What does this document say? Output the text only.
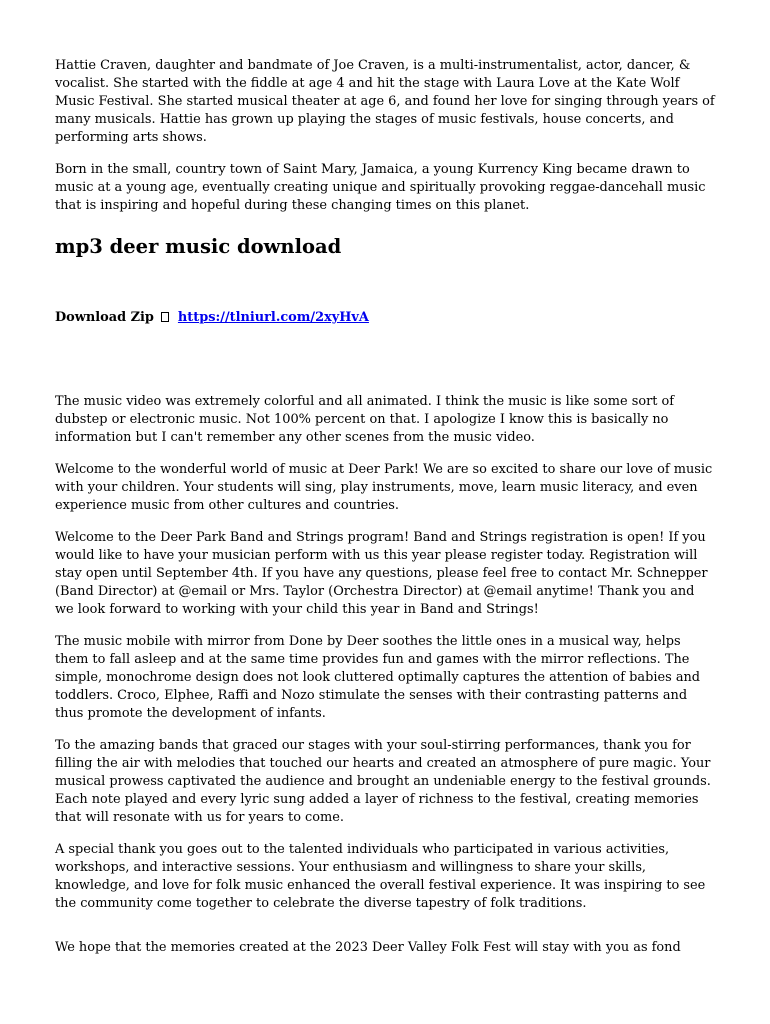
Hattie Craven, daughter and bandmate of Joe Craven, is a multi-instrumentalist, actor, dancer, & vocalist. She started with the fiddle at age 4 and hit the stage with Laura Love at the Kate Wolf Music Festival. She started musical theater at age 6, and found her love for singing through years of many musicals. Hattie has grown up playing the stages of music festivals, house concerts, and performing arts shows.

Born in the small, country town of Saint Mary, Jamaica, a young Kurrency King became drawn to music at a young age, eventually creating unique and spiritually provoking reggae-dancehall music that is inspiring and hopeful during these changing times on this planet.

mp3 deer music download
Download Zip https://tlniurl.com/2xyHvA

The music video was extremely colorful and all animated. I think the music is like some sort of dubstep or electronic music. Not 100% percent on that. I apologize I know this is basically no information but I can't remember any other scenes from the music video.

Welcome to the wonderful world of music at Deer Park! We are so excited to share our love of music with your children. Your students will sing, play instruments, move, learn music literacy, and even experience music from other cultures and countries.

Welcome to the Deer Park Band and Strings program! Band and Strings registration is open! If you would like to have your musician perform with us this year please register today. Registration will stay open until September 4th. If you have any questions, please feel free to contact Mr. Schnepper (Band Director) at @email or Mrs. Taylor (Orchestra Director) at @email anytime! Thank you and we look forward to working with your child this year in Band and Strings!

The music mobile with mirror from Done by Deer soothes the little ones in a musical way, helps them to fall asleep and at the same time provides fun and games with the mirror reflections. The simple, monochrome design does not look cluttered optimally captures the attention of babies and toddlers. Croco, Elphee, Raffi and Nozo stimulate the senses with their contrasting patterns and thus promote the development of infants.

To the amazing bands that graced our stages with your soul-stirring performances, thank you for filling the air with melodies that touched our hearts and created an atmosphere of pure magic. Your musical prowess captivated the audience and brought an undeniable energy to the festival grounds. Each note played and every lyric sung added a layer of richness to the festival, creating memories that will resonate with us for years to come.

A special thank you goes out to the talented individuals who participated in various activities, workshops, and interactive sessions. Your enthusiasm and willingness to share your skills, knowledge, and love for folk music enhanced the overall festival experience. It was inspiring to see the community come together to celebrate the diverse tapestry of folk traditions.

We hope that the memories created at the 2023 Deer Valley Folk Fest will stay with you as fond
